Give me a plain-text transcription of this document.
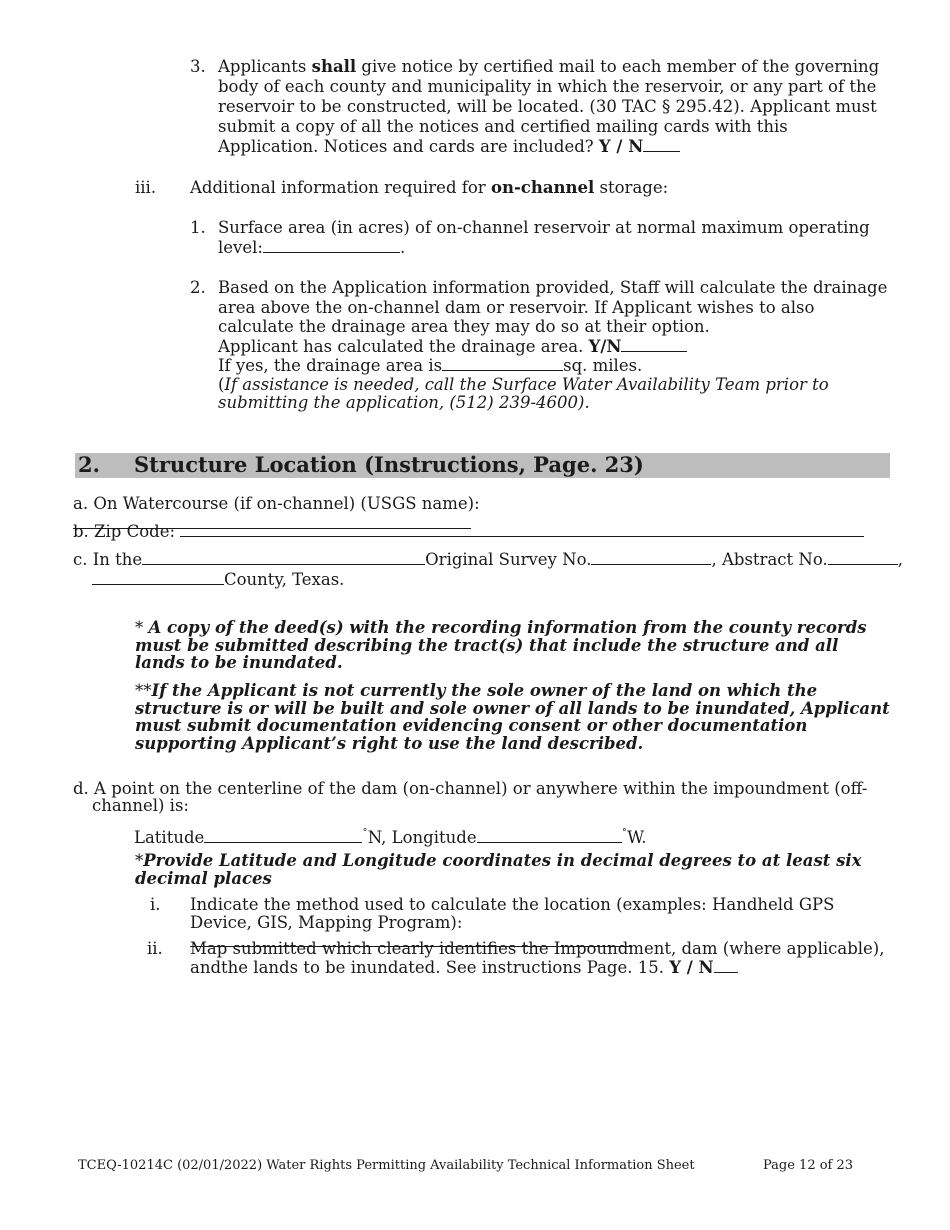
3. Applicants shall give notice by certified mail to each member of the governing body of each county and municipality in which the reservoir, or any part of the reservoir to be constructed, will be located. (30 TAC § 295.42). Applicant must submit a copy of all the notices and certified mailing cards with this Application. Notices and cards are included? Y / N
iii. Additional information required for on-channel storage:
1. Surface area (in acres) of on-channel reservoir at normal maximum operating level:	.
2. Based on the Application information provided, Staff will calculate the drainage area above the on-channel dam or reservoir. If Applicant wishes to also calculate the drainage area they may do so at their option.
Applicant has calculated the drainage area. Y/N
If yes, the drainage area is	sq. miles.
(If assistance is needed, call the Surface Water Availability Team prior to submitting the application, (512) 239-4600).
2. Structure Location (Instructions, Page. 23)
a. On Watercourse (if on-channel) (USGS name):
b. Zip Code:
c. In the	Original Survey No.	, Abstract No.	,
County, Texas.
* A copy of the deed(s) with the recording information from the county records must be submitted describing the tract(s) that include the structure and all lands to be inundated.
**If the Applicant is not currently the sole owner of the land on which the structure is or will be built and sole owner of all lands to be inundated, Applicant must submit documentation evidencing consent or other documentation supporting Applicant’s right to use the land described.
d. A point on the centerline of the dam (on-channel) or anywhere within the impoundment (off-channel) is:
Latitude	˚N, Longitude	˚W.
*Provide Latitude and Longitude coordinates in decimal degrees to at least six decimal places
i. Indicate the method used to calculate the location (examples: Handheld GPS Device, GIS, Mapping Program):
ii. Map submitted which clearly identifies the Impoundment, dam (where applicable), andthe lands to be inundated. See instructions Page. 15. Y / N
TCEQ-10214C (02/01/2022) Water Rights Permitting Availability Technical Information Sheet	Page 12 of 23
